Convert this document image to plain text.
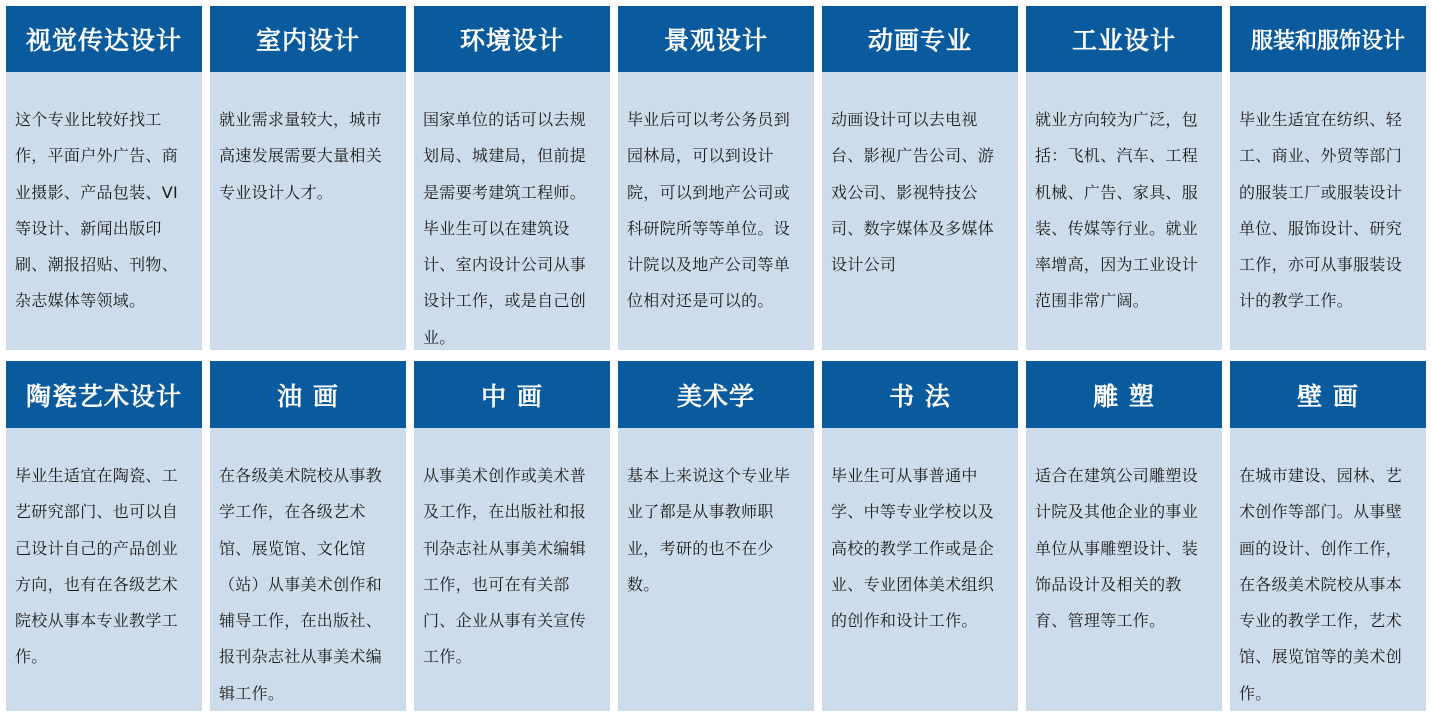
视觉传达设计
这个专业比较好找工作，平面户外广告、商业摄影、产品包装、VI 等设计、新闻出版印刷、潮报招贴、刊物、杂志媒体等领域。
室内设计
就业需求量较大，城市高速发展需要大量相关专业设计人才。
环境设计
国家单位的话可以去规划局、城建局，但前提是需要考建筑工程师。毕业生可以在建筑设计、室内设计公司从事设计工作，或是自己创业。
景观设计
毕业后可以考公务员到园林局，可以到设计院，可以到地产公司或科研院所等等单位。设计院以及地产公司等单位相对还是可以的。
动画专业
动画设计可以去电视台、影视广告公司、游戏公司、影视特技公司、数字媒体及多媒体设计公司
工业设计
就业方向较为广泛，包括：飞机、汽车、工程机械、广告、家具、服装、传媒等行业。就业率增高，因为工业设计范围非常广阔。
服装和服饰设计
毕业生适宜在纺织、轻工、商业、外贸等部门的服装工厂或服装设计单位、服饰设计、研究工作，亦可从事服装设计的教学工作。
陶瓷艺术设计
毕业生适宜在陶瓷、工艺研究部门、也可以自己设计自己的产品创业方向，也有在各级艺术院校从事本专业教学工作。
油 画
在各级美术院校从事教学工作，在各级艺术馆、展览馆、文化馆（站）从事美术创作和辅导工作，在出版社、报刊杂志社从事美术编辑工作。
中 画
从事美术创作或美术普及工作，在出版社和报刊杂志社从事美术编辑工作，也可在有关部门、企业从事有关宣传工作。
美术学
基本上来说这个专业毕业了都是从事教师职业，考研的也不在少数。
书 法
毕业生可从事普通中学、中等专业学校以及高校的教学工作或是企业、专业团体美术组织的创作和设计工作。
雕 塑
适合在建筑公司雕塑设计院及其他企业的事业单位从事雕塑设计、装饰品设计及相关的教育、管理等工作。
壁 画
在城市建设、园林、艺术创作等部门。从事壁画的设计、创作工作，在各级美术院校从事本专业的教学工作，艺术馆、展览馆等的美术创作。
